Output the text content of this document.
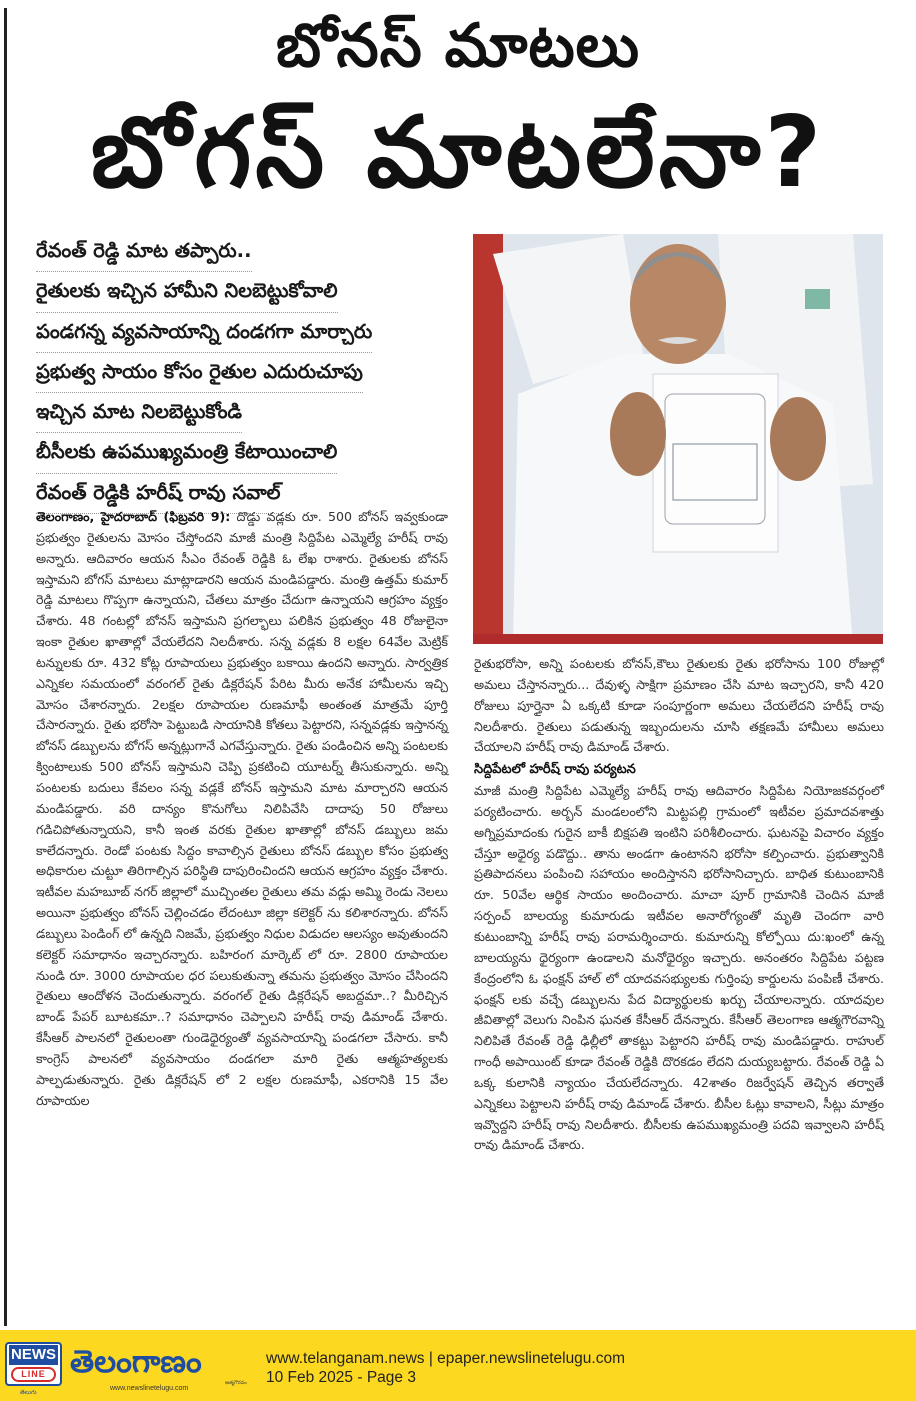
బోనస్ మాటలు
బోగస్ మాటలేనా?
రేవంత్ రెడ్డి మాట తప్పారు..
రైతులకు ఇచ్చిన హామీని నిలబెట్టుకోవాలి
పండగన్న వ్యవసాయాన్ని దండగగా మార్చారు
ప్రభుత్వ సాయం కోసం రైతుల ఎదురుచూపు
ఇచ్చిన మాట నిలబెట్టుకోండి
బీసీలకు ఉపముఖ్యమంత్రి కేటాయించాలి
రేవంత్ రెడ్డికి హరీష్ రావు సవాల్

తెలంగాణం, హైదరాబాద్ (ఫిబ్రవరి 9): దొడ్డు వడ్లకు రూ. 500 బోనస్ ఇవ్వకుండా ప్రభుత్వం రైతులను మోసం చేస్తోందని మాజీ మంత్రి సిద్దిపేట ఎమ్మెల్యే హరీష్ రావు అన్నారు. ఆదివారం ఆయన సీఎం రేవంత్ రెడ్డికి ఓ లేఖ రాశారు. రైతులకు బోనస్ ఇస్తామని బోగస్ మాటలు మాట్లాడారని ఆయన మండిపడ్డారు. మంత్రి ఉత్తమ్ కుమార్ రెడ్డి మాటలు గొప్పగా ఉన్నాయని, చేతలు మాత్రం చేదుగా ఉన్నాయని ఆగ్రహం వ్యక్తం చేశారు. 48 గంటల్లో బోనస్ ఇస్తామని ప్రగల్భాలు పలికిన ప్రభుత్వం 48 రోజులైనా ఇంకా రైతుల ఖాతాల్లో వేయలేదని నిలదీశారు. సన్న వడ్లకు 8 లక్షల 64వేల మెట్రిక్ టన్నులకు రూ. 432 కోట్ల రూపాయలు ప్రభుత్వం బకాయి ఉందని అన్నారు. సార్వత్రిక ఎన్నికల సమయంలో వరంగల్ రైతు డిక్లరేషన్ పేరిట మీరు అనేక హామీలను ఇచ్చి మోసం చేశారన్నారు. 2లక్షల రూపాయల రుణమాఫీ అంతంత మాత్రమే పూర్తి చేసారన్నారు. రైతు భరోసా పెట్టుబడి సాయానికి కోతలు పెట్టారని, సన్నవడ్లకు ఇస్తానన్న బోనస్ డబ్బులను బోగస్ అన్నట్లుగానే ఎగవేస్తున్నారు. రైతు పండించిన అన్ని పంటలకు క్వింటాలుకు 500 బోనస్ ఇస్తామని చెప్పి ప్రకటించి యూటర్న్ తీసుకున్నారు. అన్ని పంటలకు బదులు కేవలం సన్న వడ్లకే బోనస్ ఇస్తామని మాట మార్చారని ఆయన మండిపడ్డారు. వరి దాన్యం కొనుగోలు నిలిపివేసి దాదాపు 50 రోజులు గడిచిపోతున్నాయని, కానీ ఇంత వరకు రైతుల ఖాతాల్లో బోనస్ డబ్బులు జమ కాలేదన్నారు. రెండో పంటకు సిద్దం కావాల్సిన రైతులు బోనస్ డబ్బుల కోసం ప్రభుత్వ అధికారుల చుట్టూ తిరిగాల్సిన పరిస్థితి దాపురించిందని ఆయన ఆగ్రహం వ్యక్తం చేశారు. ఇటీవల మహబూబ్ నగర్ జిల్లాలో ముచ్చింతల రైతులు తమ వడ్లు అమ్మి రెండు నెలలు అయినా ప్రభుత్వం బోనస్ చెల్లించడం లేదంటూ జిల్లా కలెక్టర్ ను కలిశారన్నారు. బోనస్ డబ్బులు పెండింగ్ లో ఉన్నది నిజమే, ప్రభుత్వం నిధుల విడుదల ఆలస్యం అవుతుందని కలెక్టర్ సమాధానం ఇచ్చారన్నారు. బహిరంగ మార్కెట్ లో రూ. 2800 రూపాయల నుండి రూ. 3000 రూపాయల ధర పలుకుతున్నా తమను ప్రభుత్వం మోసం చేసిందని రైతులు ఆందోళన చెందుతున్నారు. వరంగల్ రైతు డిక్లరేషన్ అబద్దమా..? మీరిచ్చిన బాండ్ పేపర్ బూటకమా..? సమాధానం చెప్పాలని హరీష్ రావు డిమాండ్ చేశారు. కేసీఆర్ పాలనలో రైతులంతా గుండెధైర్యంతో వ్యవసాయాన్ని పండగలా చేసారు. కానీ కాంగ్రెస్ పాలనలో వ్యవసాయం దండగలా మారి రైతు ఆత్మహత్యలకు పాల్పడుతున్నారు. రైతు డిక్లరేషన్ లో 2 లక్షల రుణమాఫీ, ఎకరానికి 15 వేల రూపాయల

రైతుభరోసా, అన్ని పంటలకు బోనస్,కౌలు రైతులకు రైతు భరోసాను 100 రోజుల్లో అమలు చేస్తానన్నారు... దేవుళ్ళ సాక్షిగా ప్రమాణం చేసి మాట ఇచ్చారని, కానీ 420 రోజులు పూర్తైనా ఏ ఒక్కటి కూడా సంపూర్ణంగా అమలు చేయలేదని హరీష్ రావు నిలదీశారు. రైతులు పడుతున్న ఇబ్బందులను చూసి తక్షణమే హామీలు అమలు చేయాలని హరీష్ రావు డిమాండ్ చేశారు.

సిద్దిపేటలో హరీష్ రావు పర్యటన

మాజీ మంత్రి సిద్దిపేట ఎమ్మెల్యే హరీష్ రావు ఆదివారం సిద్దిపేట నియోజకవర్గంలో పర్యటించారు. అర్బన్ మండలంలోని మిట్టపల్లి గ్రామంలో ఇటీవల ప్రమాదవశాత్తు అగ్నిప్రమాదంకు గురైన బాకీ బిక్షపతి ఇంటిని పరిశీలించారు. ఘటనపై విచారం వ్యక్తం చేస్తూ అధైర్య పడొద్దు.. తాను అండగా ఉంటానని భరోసా కల్పించారు. ప్రభుత్వానికి ప్రతిపాదనలు పంపించి సహాయం అందిస్తానని భరోసానిచ్చారు. బాధిత కుటుంబానికి రూ. 50వేల ఆర్థిక సాయం అందించారు. మాచా పూర్ గ్రామానికి చెందిన మాజీ సర్పంచ్ బాలయ్య కుమారుడు ఇటీవల అనారోగ్యంతో మృతి చెందగా వారి కుటుంబాన్ని హరీష్ రావు పరామర్శించారు. కుమారున్ని కోల్పోయి దు:ఖంలో ఉన్న బాలయ్యను ధైర్యంగా ఉండాలని మనోధైర్యం ఇచ్చారు. అనంతరం సిద్దిపేట పట్టణ కేంద్రంలోని ఓ ఫంక్షన్ హాల్ లో యాదవసభ్యులకు గుర్తింపు కార్డులను పంపిణీ చేశారు. ఫంక్షన్ లకు వచ్చే డబ్బులను పేద విద్యార్థులకు ఖర్చు చేయాలన్నారు. యాదవుల జీవితాల్లో వెలుగు నింపిన ఘనత కేసీఆర్ దేనన్నారు. కేసీఆర్ తెలంగాణ ఆత్మగౌరవాన్ని నిలిపితే రేవంత్ రెడ్డి ఢిల్లీలో తాకట్టు పెట్టారని హరీష్ రావు మండిపడ్డారు. రాహుల్ గాంధీ అపాయింట్ కూడా రేవంత్ రెడ్డికి దొరకడం లేదని దుయ్యబట్టారు. రేవంత్ రెడ్డి ఏ ఒక్క కులానికి న్యాయం చేయలేదన్నారు. 42శాతం రిజర్వేషన్ తెచ్చిన తర్వాతే ఎన్నికలు పెట్టాలని హరీష్ రావు డిమాండ్ చేశారు. బీసీల ఓట్లు కావాలని, సీట్లు మాత్రం ఇవ్వొద్దని హరీష్ రావు నిలదీశారు. బీసీలకు ఉపముఖ్యమంత్రి పదవి ఇవ్వాలని హరీష్ రావు డిమాండ్ చేశారు.

NEWS
LINE
తెలుగు
తెలంగాణం
www.newslinetelugu.com
ఆత్మగౌరవం
www.telanganam.news | epaper.newslinetelugu.com
10 Feb 2025 - Page 3
